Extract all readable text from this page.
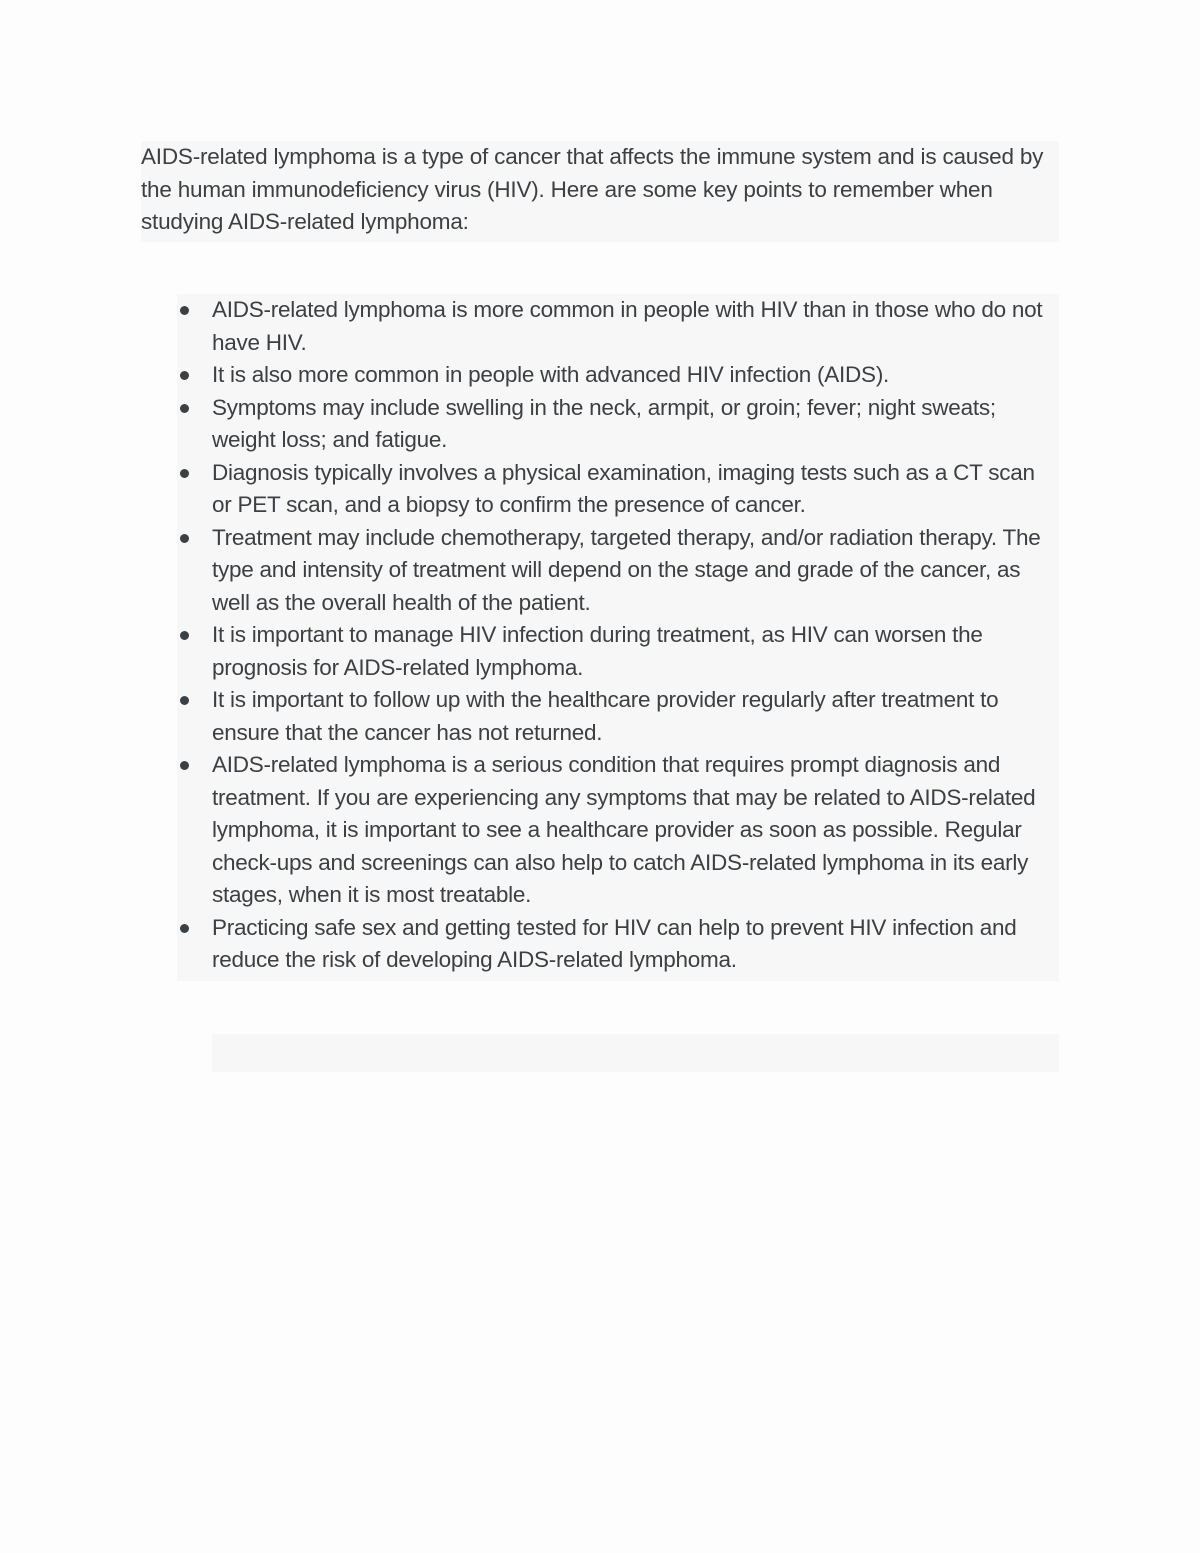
AIDS-related lymphoma is a type of cancer that affects the immune system and is caused by the human immunodeficiency virus (HIV). Here are some key points to remember when studying AIDS-related lymphoma:

AIDS-related lymphoma is more common in people with HIV than in those who do not have HIV.
It is also more common in people with advanced HIV infection (AIDS).
Symptoms may include swelling in the neck, armpit, or groin; fever; night sweats; weight loss; and fatigue.
Diagnosis typically involves a physical examination, imaging tests such as a CT scan or PET scan, and a biopsy to confirm the presence of cancer.
Treatment may include chemotherapy, targeted therapy, and/or radiation therapy. The type and intensity of treatment will depend on the stage and grade of the cancer, as well as the overall health of the patient.
It is important to manage HIV infection during treatment, as HIV can worsen the prognosis for AIDS-related lymphoma.
It is important to follow up with the healthcare provider regularly after treatment to ensure that the cancer has not returned.
AIDS-related lymphoma is a serious condition that requires prompt diagnosis and treatment. If you are experiencing any symptoms that may be related to AIDS-related lymphoma, it is important to see a healthcare provider as soon as possible. Regular check-ups and screenings can also help to catch AIDS-related lymphoma in its early stages, when it is most treatable.
Practicing safe sex and getting tested for HIV can help to prevent HIV infection and reduce the risk of developing AIDS-related lymphoma.
